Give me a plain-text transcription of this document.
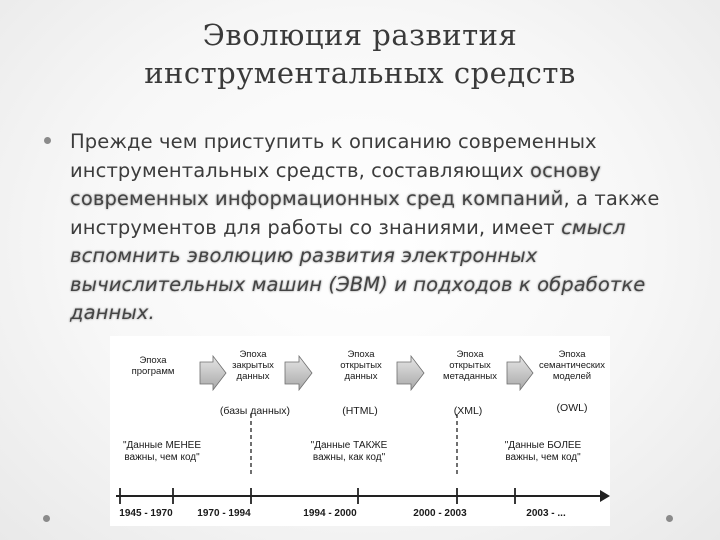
Эволюция развития
инструментальных средств
Прежде чем приступить к описанию современных инструментальных средств, составляющих основу современных информационных сред компаний, а также инструментов для работы со знаниями, имеет смысл вспомнить эволюцию развития электронных вычислительных машин (ЭВМ) и подходов к обработке данных.
Эпоха
программ
Эпоха
закрытых
данных
Эпоха
открытых
данных
Эпоха
открытых
метаданных
Эпоха
семантических
моделей
(базы данных)	(HTML)	(XML)	(OWL)
"Данные МЕНЕЕ
важны, чем код"
"Данные ТАКЖЕ
важны, как код"
"Данные БОЛЕЕ
важны, чем код"
1945 - 1970	1970 - 1994	1994 - 2000	2000 - 2003	2003 - ...
